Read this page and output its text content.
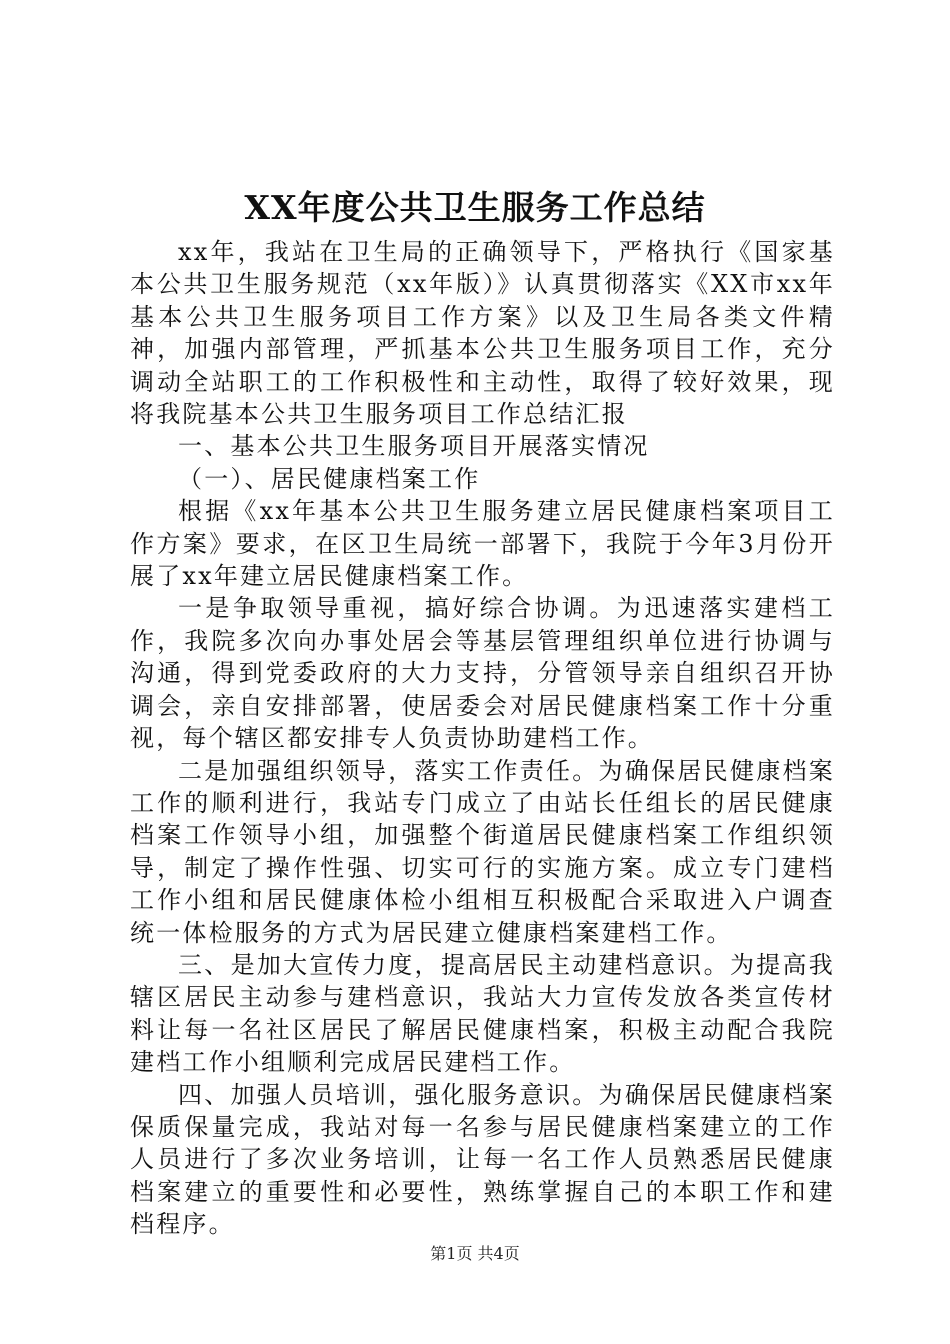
XX年度公共卫生服务工作总结

xx年，我站在卫生局的正确领导下，严格执行《国家基本公共卫生服务规范（xx年版）》认真贯彻落实《XX市xx年基本公共卫生服务项目工作方案》以及卫生局各类文件精神，加强内部管理，严抓基本公共卫生服务项目工作，充分调动全站职工的工作积极性和主动性，取得了较好效果，现将我院基本公共卫生服务项目工作总结汇报

一、基本公共卫生服务项目开展落实情况

（一）、居民健康档案工作

根据《xx年基本公共卫生服务建立居民健康档案项目工作方案》要求，在区卫生局统一部署下，我院于今年3月份开展了xx年建立居民健康档案工作。

一是争取领导重视，搞好综合协调。为迅速落实建档工作，我院多次向办事处居会等基层管理组织单位进行协调与沟通，得到党委政府的大力支持，分管领导亲自组织召开协调会，亲自安排部署，使居委会对居民健康档案工作十分重视，每个辖区都安排专人负责协助建档工作。

二是加强组织领导，落实工作责任。为确保居民健康档案工作的顺利进行，我站专门成立了由站长任组长的居民健康档案工作领导小组，加强整个街道居民健康档案工作组织领导，制定了操作性强、切实可行的实施方案。成立专门建档工作小组和居民健康体检小组相互积极配合采取进入户调查统一体检服务的方式为居民建立健康档案建档工作。

三、是加大宣传力度，提高居民主动建档意识。为提高我辖区居民主动参与建档意识，我站大力宣传发放各类宣传材料让每一名社区居民了解居民健康档案，积极主动配合我院建档工作小组顺利完成居民建档工作。

四、加强人员培训，强化服务意识。为确保居民健康档案保质保量完成，我站对每一名参与居民健康档案建立的工作人员进行了多次业务培训，让每一名工作人员熟悉居民健康档案建立的重要性和必要性，熟练掌握自己的本职工作和建档程序。

第1页 共4页
